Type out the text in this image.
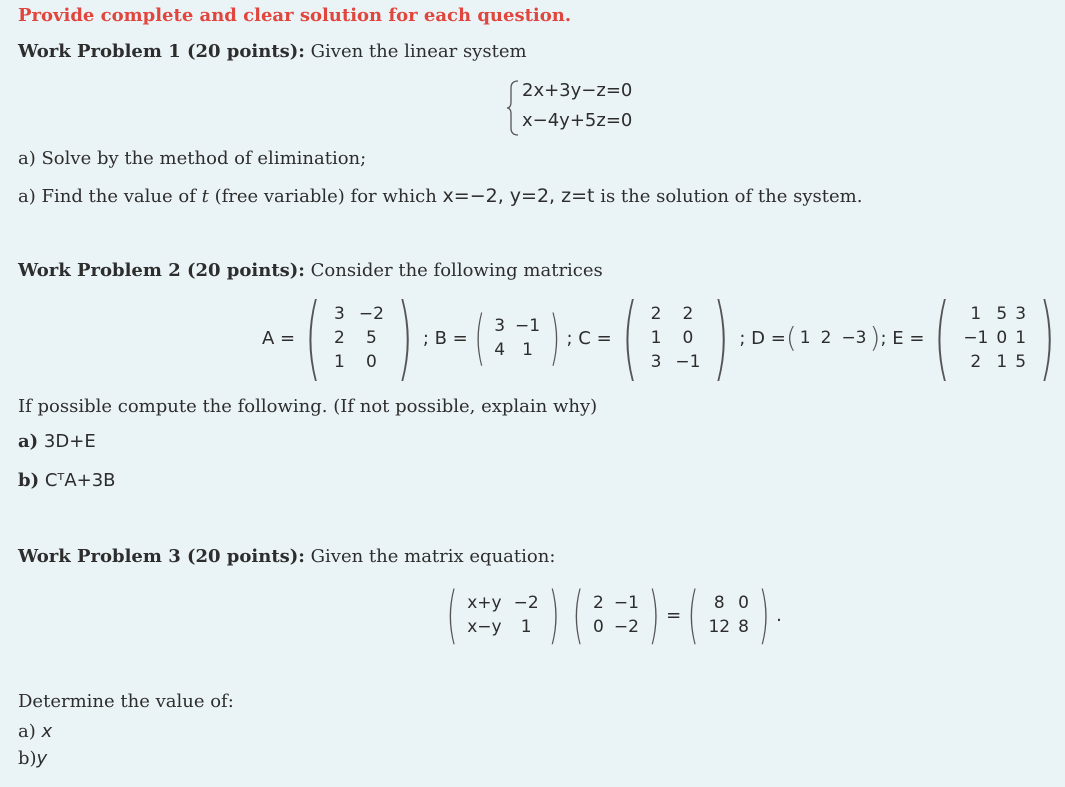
Provide complete and clear solution for each question.
Work Problem 1 (20 points): Given the linear system
2x+3y−z=0
x−4y+5z=0
a) Solve by the method of elimination;
a) Find the value of t (free variable) for which x=−2, y=2, z=t is the solution of the system.
Work Problem 2 (20 points): Consider the following matrices
A = ( 3 −2
2	5
1	0 ) ; B = ( 3 −1
4	1 ) ; C = ( 2	2
1	0
3 −1 ) ; D = ( 1 2 −3 ) ; E = (	1 5 3
−1 0 1
2 1 5 )
If possible compute the following. (If not possible, explain why)
a) 3D+E
b) CᵀA+3B
Work Problem 3 (20 points): Given the matrix equation:
( x+y −2
x−y	1 ) ( 2 −1
0 −2 ) = ( 8 0
12 8 ) .
Determine the value of:
a) x
b)y
